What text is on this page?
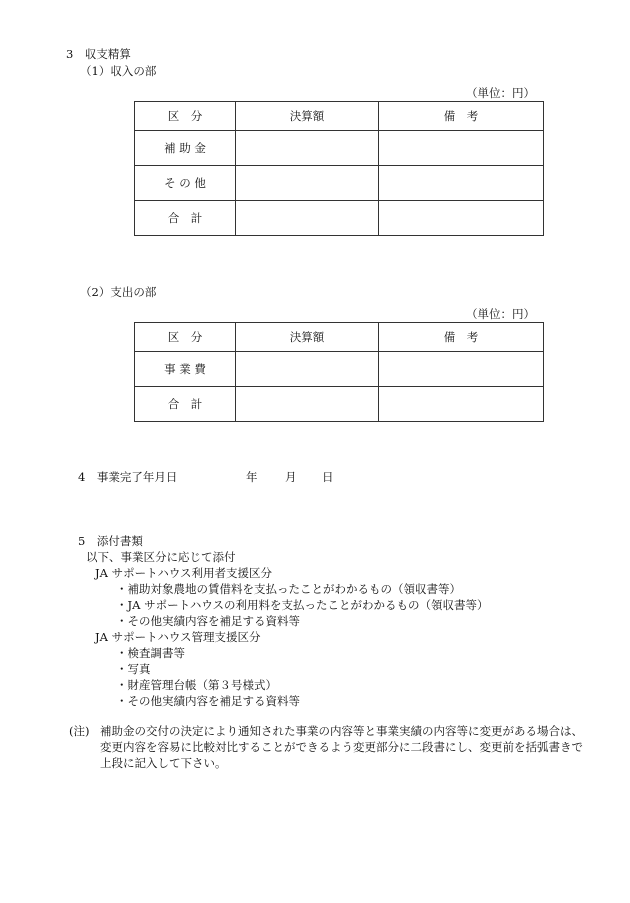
3　収支精算
（1）収入の部
（単位：円）
区　分	決算額	備　考
補 助 金		
そ の 他		
合　計		
（2）支出の部
（単位：円）
区　分	決算額	備　考
事 業 費		
合　計		
4　事業完了年月日	年 月 日
5　添付書類
以下、事業区分に応じて添付
JA サポートハウス利用者支援区分
・補助対象農地の賃借料を支払ったことがわかるもの（領収書等）
・JA サポートハウスの利用料を支払ったことがわかるもの（領収書等）
・その他実績内容を補足する資料等
JA サポートハウス管理支援区分
・検査調書等
・写真
・財産管理台帳（第３号様式）
・その他実績内容を補足する資料等
(注) 補助金の交付の決定により通知された事業の内容等と事業実績の内容等に変更がある場合は、
変更内容を容易に比較対比することができるよう変更部分に二段書にし、変更前を括弧書きで
上段に記入して下さい。
